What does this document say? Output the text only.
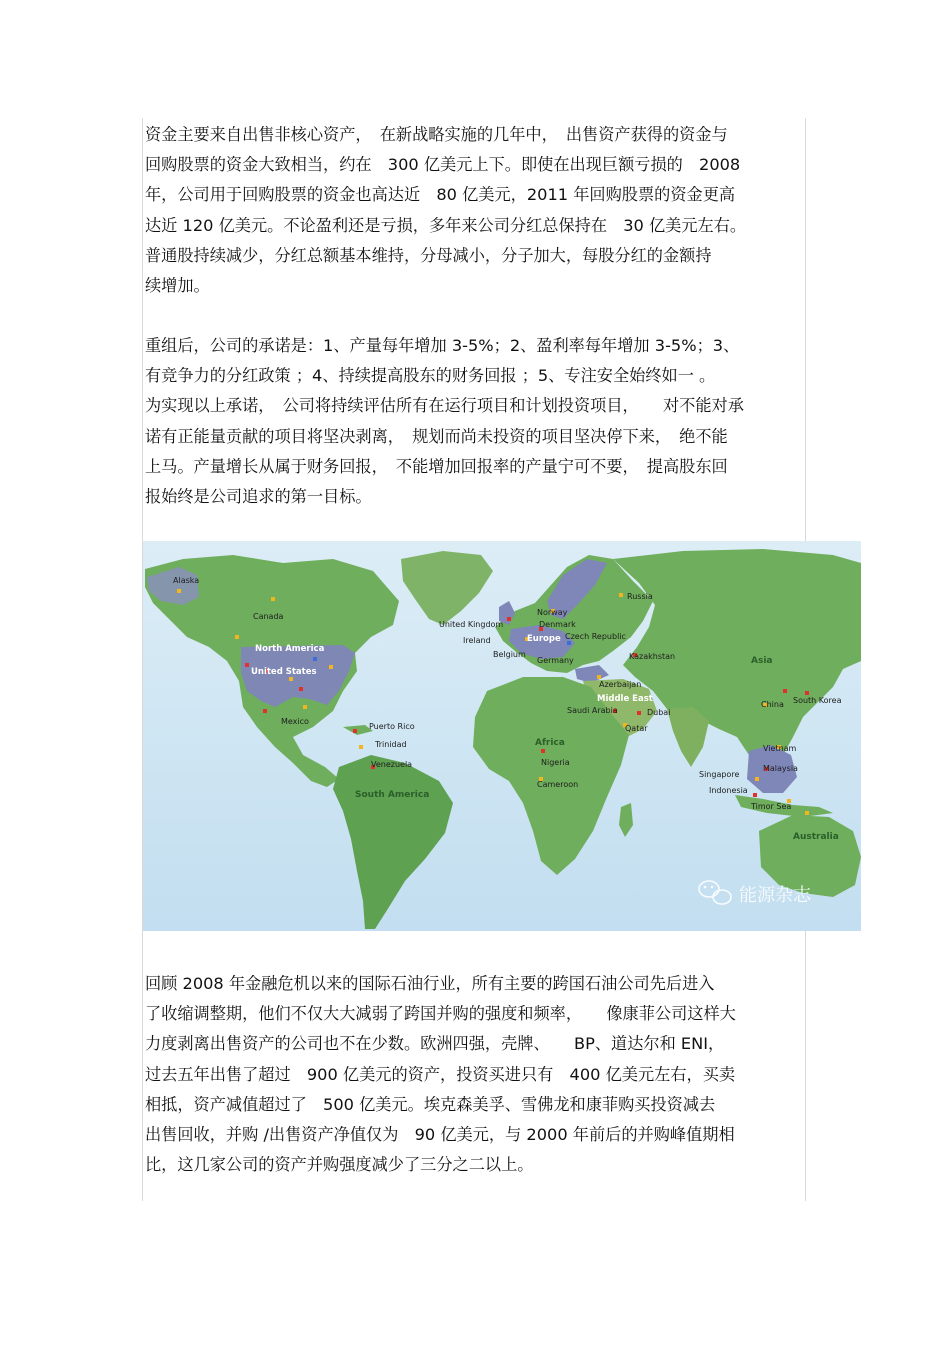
资金主要来自出售非核心资产，　在新战略实施的几年中，　出售资产获得的资金与
回购股票的资金大致相当，约在　300 亿美元上下。即使在出现巨额亏损的　2008
年，公司用于回购股票的资金也高达近　80 亿美元，2011 年回购股票的资金更高
达近 120 亿美元。不论盈利还是亏损，多年来公司分红总保持在　30 亿美元左右。
普通股持续减少，分红总额基本维持，分母减小，分子加大，每股分红的金额持
续增加。
重组后，公司的承诺是：1、产量每年增加 3-5%；2、盈利率每年增加 3-5%；3、
有竞争力的分红政策 ；4、持续提高股东的财务回报 ；5、专注安全始终如一 。
为实现以上承诺，　公司将持续评估所有在运行项目和计划投资项目，　　对不能对承
诺有正能量贡献的项目将坚决剥离，　规划而尚未投资的项目坚决停下来，　绝不能
上马。产量增长从属于财务回报，　不能增加回报率的产量宁可不要，　提高股东回
报始终是公司追求的第一目标。
North America
South America
Europe
Africa
Middle East
Asia
Australia
Alaska
Canada
United States
Mexico
Puerto Rico
Trinidad
Venezuela
United Kingdom
Ireland
Norway
Denmark
Belgium
Germany
Czech Republic
Russia
Kazakhstan
Azerbaijan
Saudi Arabia	Dubai
Qatar
Nigeria
Cameroon
China South Korea
Vietnam
Malaysia
Singapore
Indonesia
Timor Sea
能源杂志
回顾 2008 年金融危机以来的国际石油行业，所有主要的跨国石油公司先后进入
了收缩调整期，他们不仅大大减弱了跨国并购的强度和频率，　　像康菲公司这样大
力度剥离出售资产的公司也不在少数。欧洲四强，壳牌、　　BP、道达尔和 ENI，
过去五年出售了超过　900 亿美元的资产，投资买进只有　400 亿美元左右，买卖
相抵，资产减值超过了　500 亿美元。埃克森美孚、雪佛龙和康菲购买投资减去
出售回收，并购 /出售资产净值仅为　90 亿美元，与 2000 年前后的并购峰值期相
比，这几家公司的资产并购强度减少了三分之二以上。
